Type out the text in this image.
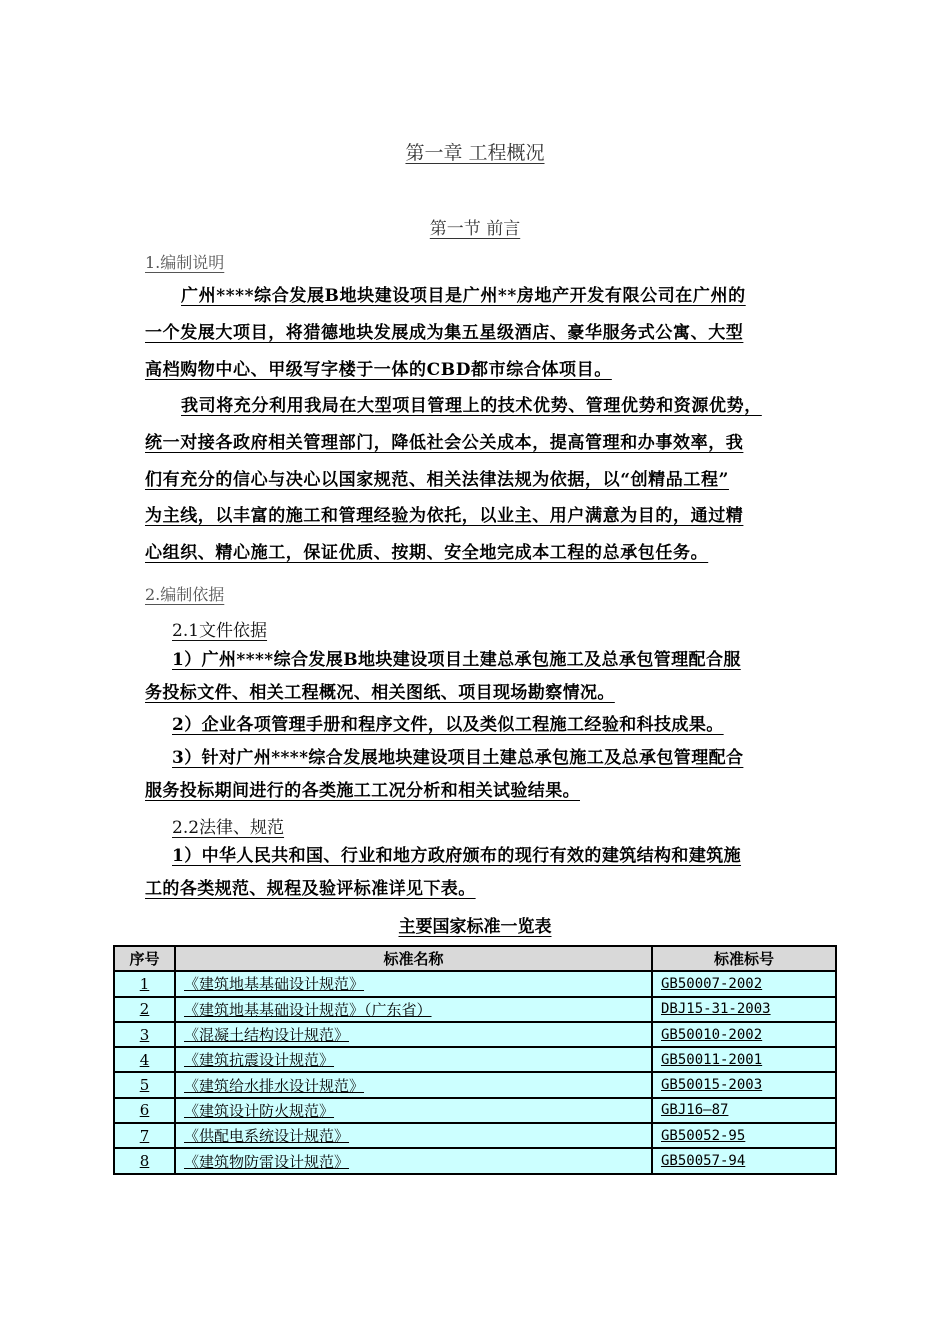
第一章 工程概况
第一节 前言
1.编制说明

广州****综合发展B地块建设项目是广州**房地产开发有限公司在广州的
一个发展大项目，将猎德地块发展成为集五星级酒店、豪华服务式公寓、大型
高档购物中心、甲级写字楼于一体的CBD都市综合体项目。

我司将充分利用我局在大型项目管理上的技术优势、管理优势和资源优势，
统一对接各政府相关管理部门，降低社会公关成本，提高管理和办事效率，我
们有充分的信心与决心以国家规范、相关法律法规为依据，以“创精品工程”
为主线，以丰富的施工和管理经验为依托，以业主、用户满意为目的，通过精
心组织、精心施工，保证优质、按期、安全地完成本工程的总承包任务。

2.编制依据
2.1文件依据

1）广州****综合发展B地块建设项目土建总承包施工及总承包管理配合服
务投标文件、相关工程概况、相关图纸、项目现场勘察情况。

2）企业各项管理手册和程序文件，以及类似工程施工经验和科技成果。

3）针对广州****综合发展地块建设项目土建总承包施工及总承包管理配合
服务投标期间进行的各类施工工况分析和相关试验结果。

2.2法律、规范

1）中华人民共和国、行业和地方政府颁布的现行有效的建筑结构和建筑施
工的各类规范、规程及验评标准详见下表。

主要国家标准一览表
序号	标准名称	标准标号
1	《建筑地基基础设计规范》	GB50007-2002
2	《建筑地基基础设计规范》（广东省）	DBJ15-31-2003
3	《混凝土结构设计规范》	GB50010-2002
4	《建筑抗震设计规范》	GB50011-2001
5	《建筑给水排水设计规范》	GB50015-2003
6	《建筑设计防火规范》	GBJ16—87
7	《供配电系统设计规范》	GB50052-95
8	《建筑物防雷设计规范》	GB50057-94
